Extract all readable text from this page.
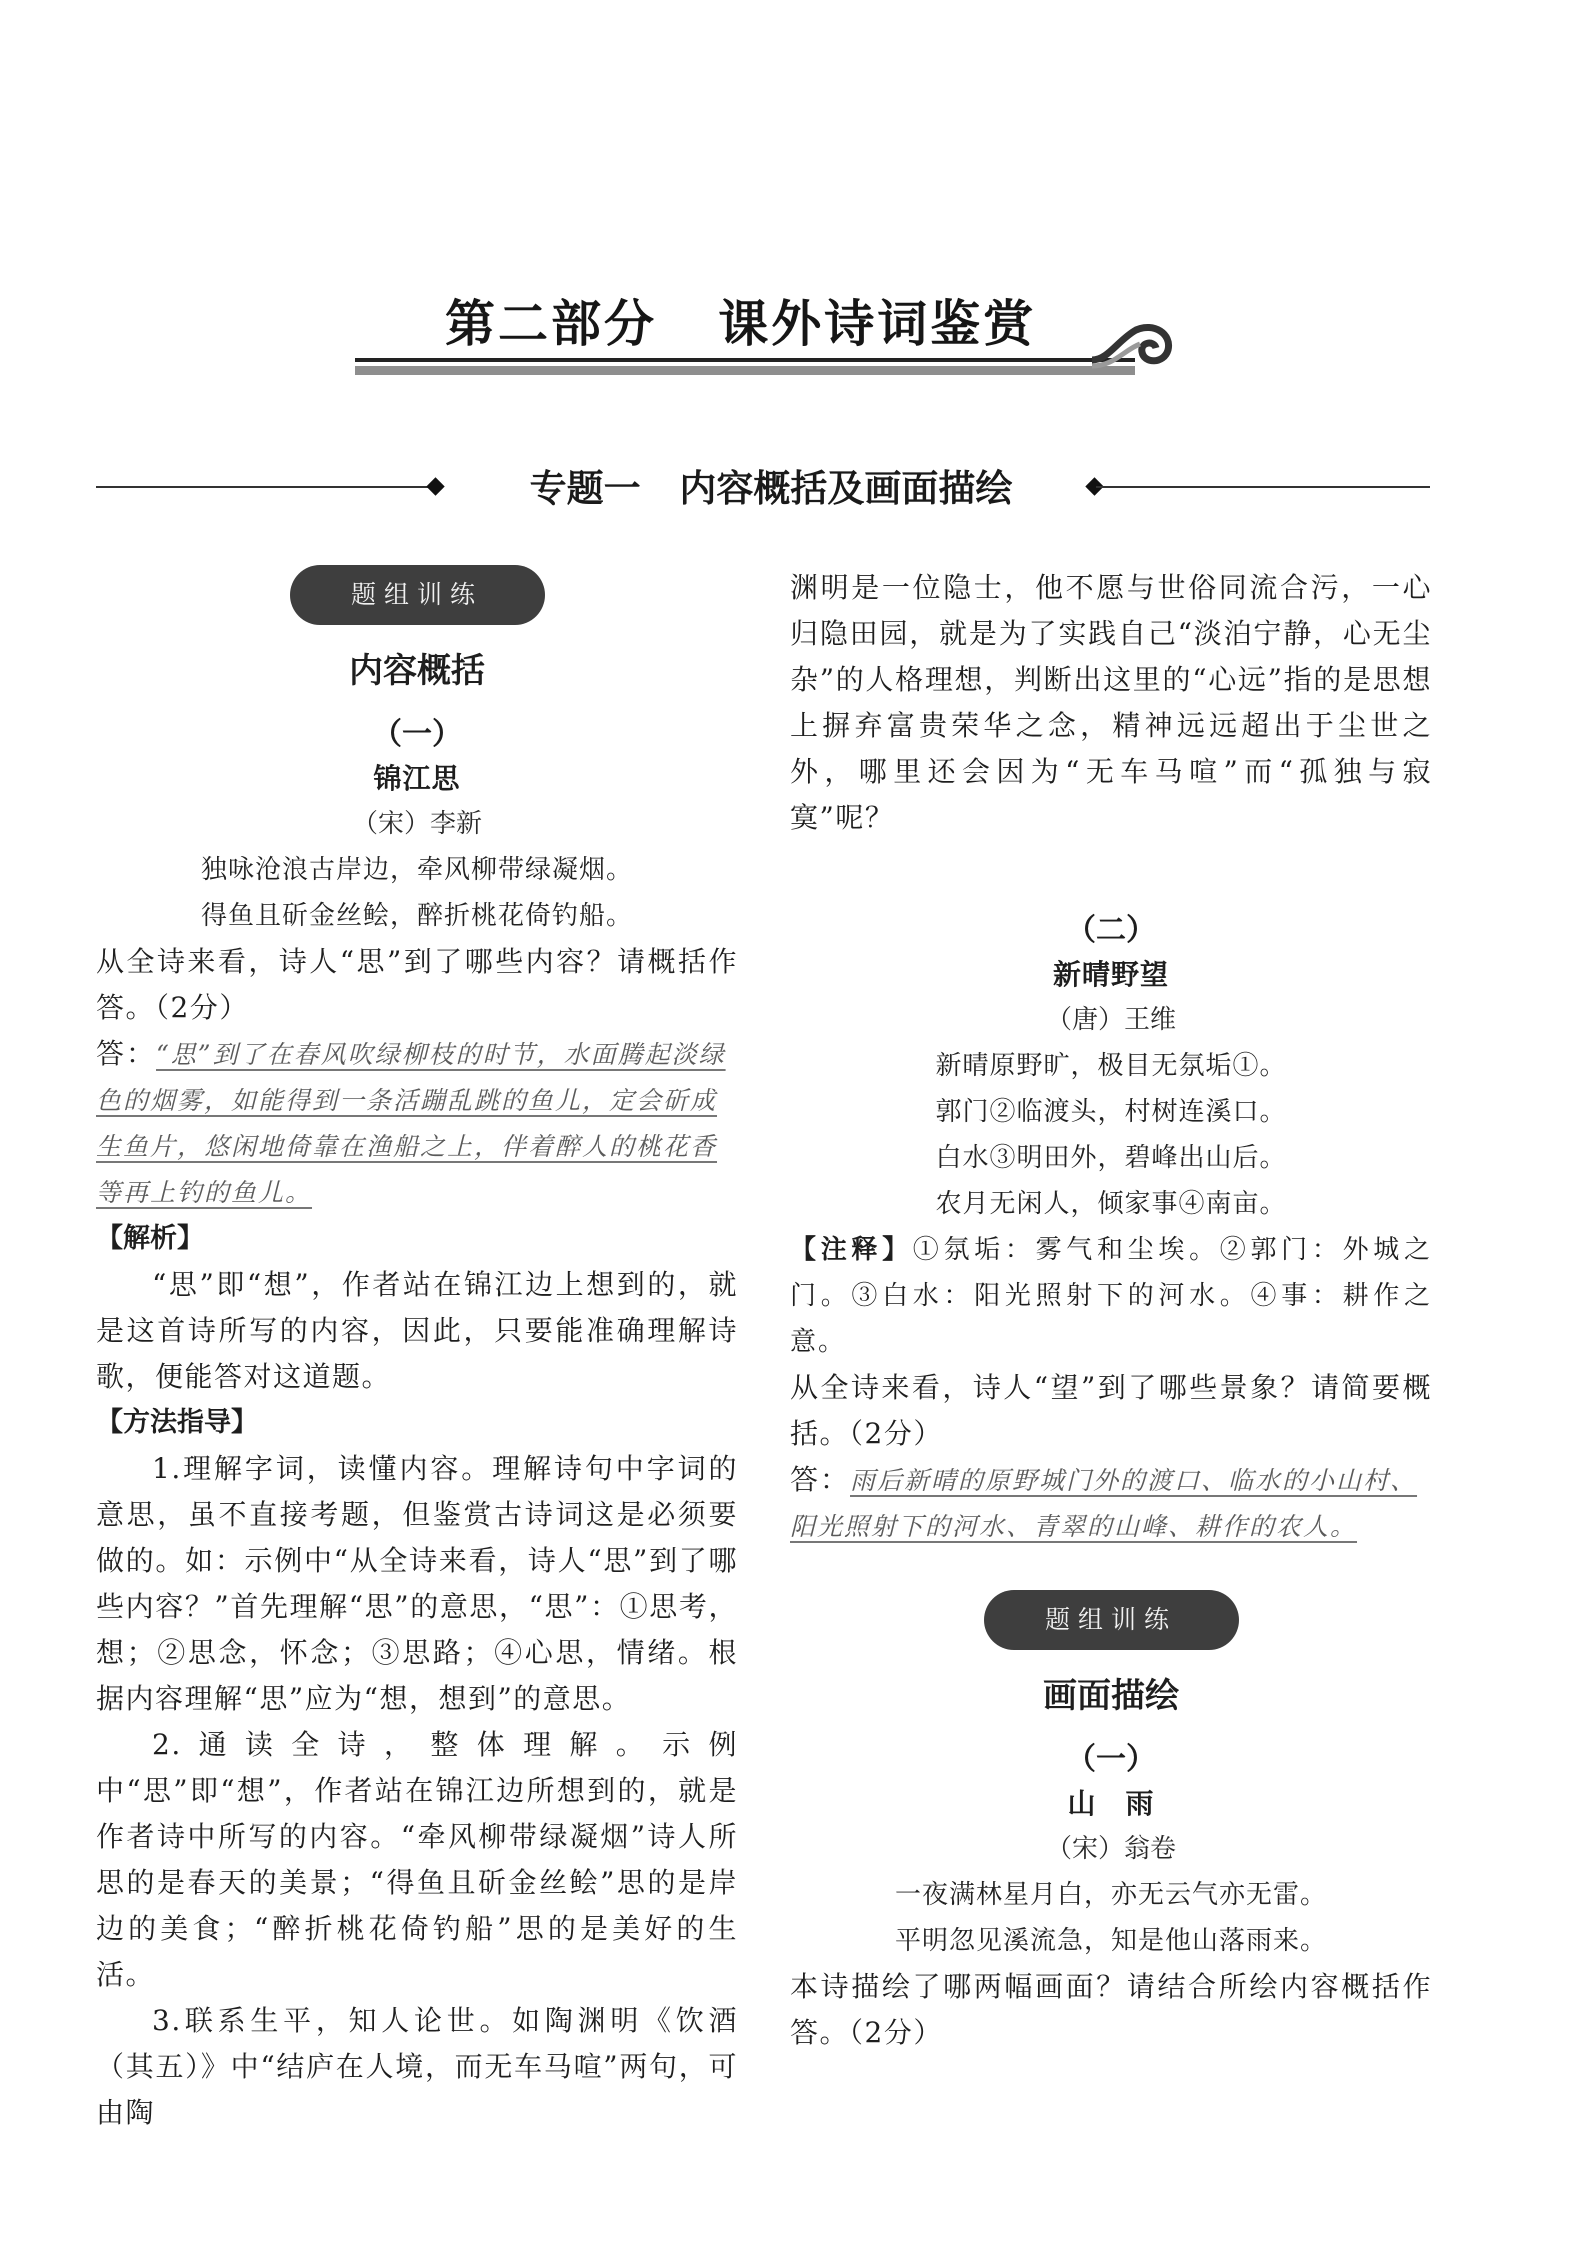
第二部分   课外诗词鉴赏
专题一   内容概括及画面描绘
题组训练
内容概括
（一）
锦江思
（宋）李新
独咏沧浪古岸边，牵风柳带绿凝烟。
得鱼且斫金丝鲙，醉折桃花倚钓船。

从全诗来看，诗人“思”到了哪些内容？请概括作答。（2分）

答：“思”到了在春风吹绿柳枝的时节，水面腾起淡绿色的烟雾，如能得到一条活蹦乱跳的鱼儿，定会斫成生鱼片，悠闲地倚靠在渔船之上，伴着醉人的桃花香等再上钓的鱼儿。

【解析】

“思”即“想”，作者站在锦江边上想到的，就是这首诗所写的内容，因此，只要能准确理解诗歌，便能答对这道题。

【方法指导】

1.理解字词，读懂内容。理解诗句中字词的意思，虽不直接考题，但鉴赏古诗词这是必须要做的。如：示例中“从全诗来看，诗人“思”到了哪些内容？”首先理解“思”的意思，“思”：①思考，想；②思念，怀念；③思路；④心思，情绪。根据内容理解“思”应为“想，想到”的意思。

2.通读全诗，整体理解。示例中“思”即“想”，作者站在锦江边所想到的，就是作者诗中所写的内容。“牵风柳带绿凝烟”诗人所思的是春天的美景；“得鱼且斫金丝鲙”思的是岸边的美食；“醉折桃花倚钓船”思的是美好的生活。

3.联系生平，知人论世。如陶渊明《饮酒（其五）》中“结庐在人境，而无车马喧”两句，可由陶

渊明是一位隐士，他不愿与世俗同流合污，一心归隐田园，就是为了实践自己“淡泊宁静，心无尘杂”的人格理想，判断出这里的“心远”指的是思想上摒弃富贵荣华之念，精神远远超出于尘世之外，哪里还会因为“无车马喧”而“孤独与寂寞”呢？

（二）
新晴野望
（唐）王维
新晴原野旷，极目无氛垢①。
郭门②临渡头，村树连溪口。
白水③明田外，碧峰出山后。
农月无闲人，倾家事④南亩。

【注释】①氛垢：雾气和尘埃。②郭门：外城之门。③白水：阳光照射下的河水。④事：耕作之意。

从全诗来看，诗人“望”到了哪些景象？请简要概括。（2分）

答：雨后新晴的原野城门外的渡口、临水的小山村、阳光照射下的河水、青翠的山峰、耕作的农人。

题组训练
画面描绘
（一）
山　雨
（宋）翁卷
一夜满林星月白，亦无云气亦无雷。
平明忽见溪流急，知是他山落雨来。

本诗描绘了哪两幅画面？请结合所绘内容概括作答。（2分）
